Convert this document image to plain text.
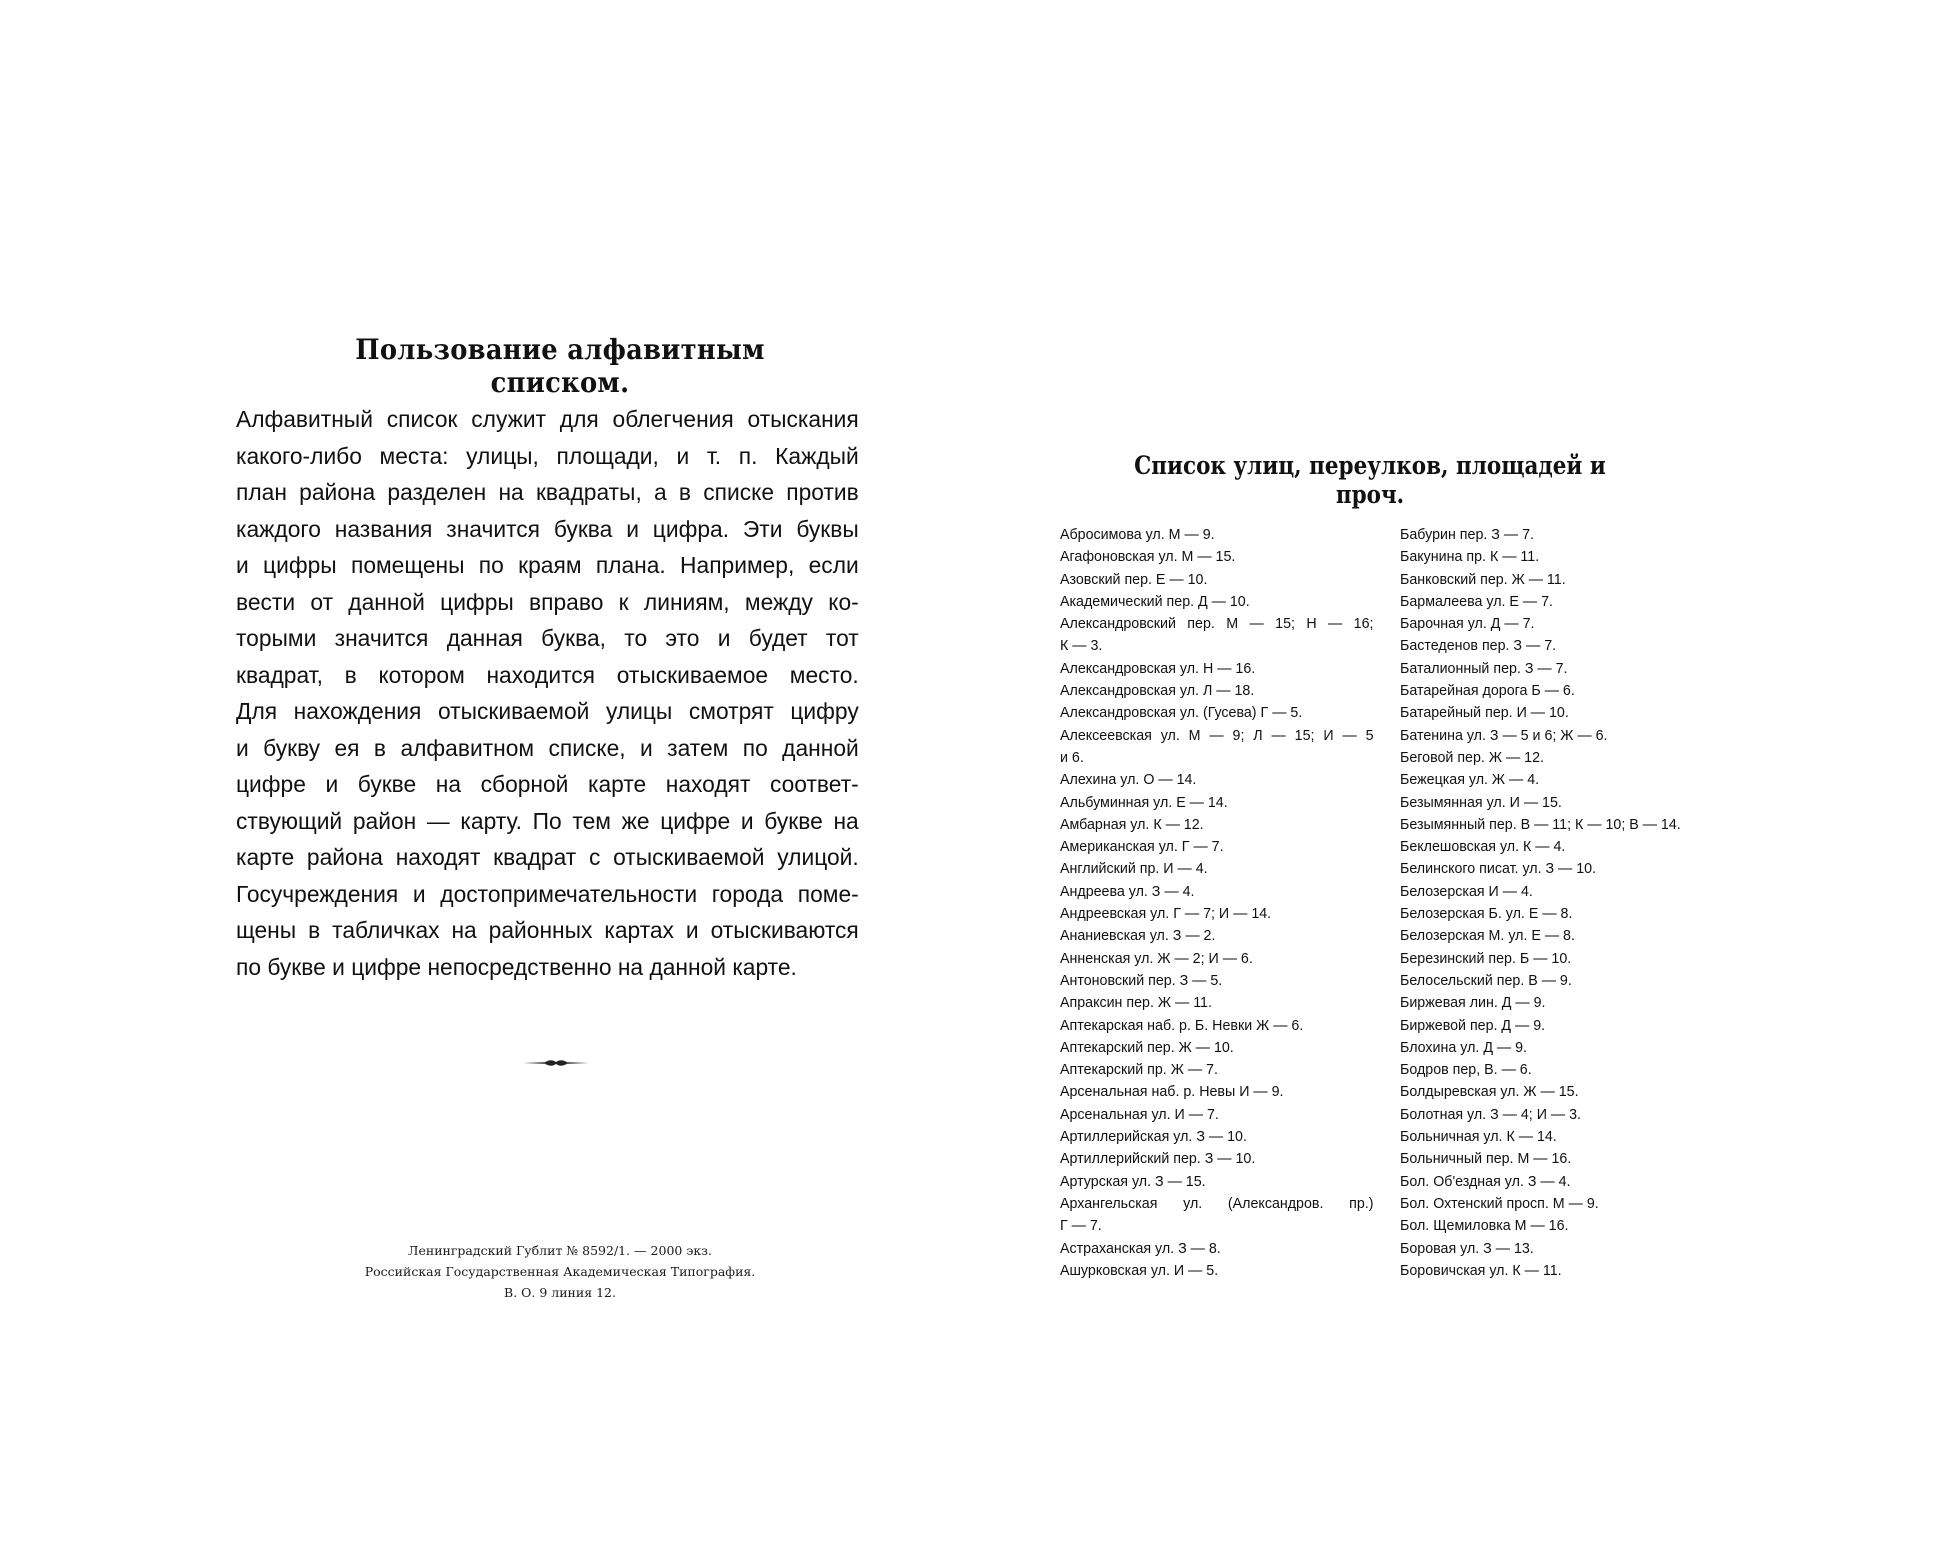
Пользование алфавитным списком.
Алфавитный список служит для облегчения отыскания
какого-либо места: улицы, площади, и т. п. Каждый
план района разделен на квадраты, а в списке против
каждого названия значится буква и цифра. Эти буквы
и цифры помещены по краям плана. Например, если
вести от данной цифры вправо к линиям, между ко-
торыми значится данная буква, то это и будет тот
квадрат, в котором находится отыскиваемое место.
Для нахождения отыскиваемой улицы смотрят цифру
и букву ея в алфавитном списке, и затем по данной
цифре и букве на сборной карте находят соответ-
ствующий район — карту. По тем же цифре и букве на
карте района находят квадрат с отыскиваемой улицой.
Госучреждения и достопримечательности города поме-
щены в табличках на районных картах и отыскиваются
по букве и цифре непосредственно на данной карте.
Ленинградский Гублит № 8592/1. — 2000 экз.
Российская Государственная Академическая Типография.
В. О. 9 линия 12.
Список улиц, переулков, площадей и проч.
Абросимова ул. М — 9.
Агафоновская ул. М — 15.
Азовский пер. Е — 10.
Академический пер. Д — 10.
Александровский пер. М — 15; Н — 16;
К — 3.
Александровская ул. Н — 16.
Александровская ул. Л — 18.
Александровская ул. (Гусева) Г — 5.
Алексеевская ул. М — 9; Л — 15; И — 5
и 6.
Алехина ул. О — 14.
Альбуминная ул. Е — 14.
Амбарная ул. К — 12.
Американская ул. Г — 7.
Английский пр. И — 4.
Андреева ул. З — 4.
Андреевская ул. Г — 7; И — 14.
Ананиевская ул. З — 2.
Анненская ул. Ж — 2; И — 6.
Антоновский пер. З — 5.
Апраксин пер. Ж — 11.
Аптекарская наб. р. Б. Невки Ж — 6.
Аптекарский пер. Ж — 10.
Аптекарский пр. Ж — 7.
Арсенальная наб. р. Невы И — 9.
Арсенальная ул. И — 7.
Артиллерийская ул. З — 10.
Артиллерийский пер. З — 10.
Артурская ул. З — 15.
Архангельская ул. (Александров. пр.)
Г — 7.
Астраханская ул. З — 8.
Ашурковская ул. И — 5.
Бабурин пер. З — 7.
Бакунина пр. К — 11.
Банковский пер. Ж — 11.
Бармалеева ул. Е — 7.
Барочная ул. Д — 7.
Бастеденов пер. З — 7.
Баталионный пер. З — 7.
Батарейная дорога Б — 6.
Батарейный пер. И — 10.
Батенина ул. З — 5 и 6; Ж — 6.
Беговой пер. Ж — 12.
Бежецкая ул. Ж — 4.
Безымянная ул. И — 15.
Безымянный пер. В — 11; К — 10; В — 14.
Беклешовская ул. К — 4.
Белинского писат. ул. З — 10.
Белозерская И — 4.
Белозерская Б. ул. Е — 8.
Белозерская М. ул. Е — 8.
Березинский пер. Б — 10.
Белосельский пер. В — 9.
Биржевая лин. Д — 9.
Биржевой пер. Д — 9.
Блохина ул. Д — 9.
Бодров пер, В. — 6.
Болдыревская ул. Ж — 15.
Болотная ул. З — 4; И — 3.
Больничная ул. К — 14.
Больничный пер. М — 16.
Бол. Об'ездная ул. З — 4.
Бол. Охтенский просп. М — 9.
Бол. Щемиловка М — 16.
Боровая ул. З — 13.
Боровичская ул. К — 11.
